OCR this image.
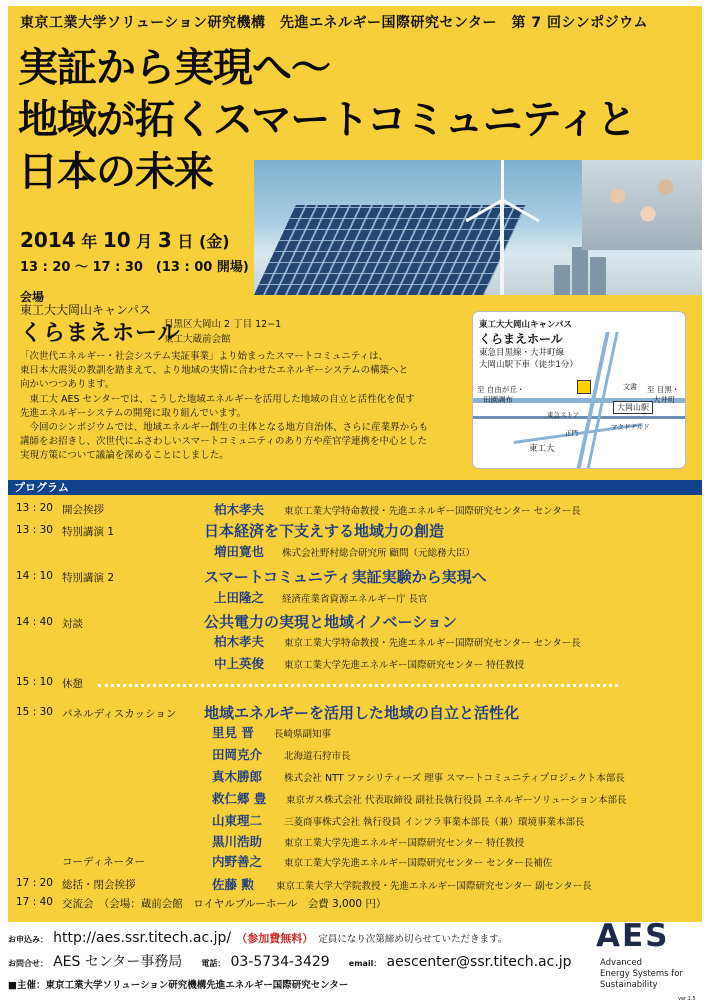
東京工業大学ソリューション研究機構　先進エネルギー国際研究センター　第 7 回シンポジウム
実証から実現へ〜
地域が拓くスマートコミュニティと
日本の未来
2014 年 10 月 3 日 (金)
13 : 20 〜 17 : 30　(13 : 00 開場)
会場
東工大大岡山キャンパス
くらまえホール
目黒区大岡山 2 丁目 12−1
東工大蔵前会館

「次世代エネルギー・社会システム実証事業」より始まったスマートコミュニティは、

東日本大震災の教訓を踏まえて、より地域の実情に合わせたエネルギーシステムの構築へと

向かいつつあります。

　東工大 AES センターでは、こうした地域エネルギーを活用した地域の自立と活性化を促す

先進エネルギーシステムの開発に取り組んでいます。

　今回のシンポジウムでは、地域エネルギー創生の主体となる地方自治体、さらに産業界からも

講師をお招きし、次世代にふさわしいスマートコミュニティのあり方や産官学連携を中心とした

実現方策について議論を深めることにしました。

東工大大岡山キャンパス
くらまえホール
東急目黒線・大井町線
大岡山駅下車（徒歩1分）
至 自由が丘・
田園調布
至 目黒・
大井町
大岡山駅
文書
東急ストア
マクドナルド
正門
東工大
プログラム
13 : 20 開会挨拶	柏木孝夫 東京工業大学特命教授・先進エネルギー国際研究センター センター長
13 : 30 特別講演 1	日本経済を下支えする地域力の創造
増田寛也 株式会社野村総合研究所 顧問（元総務大臣）
14 : 10 特別講演 2	スマートコミュニティ実証実験から実現へ
上田隆之 経済産業省資源エネルギー庁 長官
14 : 40 対談	公共電力の実現と地域イノベーション
柏木孝夫 東京工業大学特命教授・先進エネルギー国際研究センター センター長
中上英俊 東京工業大学先進エネルギー国際研究センター 特任教授
15 : 10 休憩
15 : 30 パネルディスカッション 地域エネルギーを活用した地域の自立と活性化
里見 晋 長崎県副知事
田岡克介 北海道石狩市長
真木勝郎 株式会社 NTT ファシリティーズ 理事 スマートコミュニティプロジェクト本部長
救仁郷 豊 東京ガス株式会社 代表取締役 副社長執行役員 エネルギーソリューション本部長
山東理二 三菱商事株式会社 執行役員 インフラ事業本部長（兼）環境事業本部長
黒川浩助 東京工業大学先進エネルギー国際研究センター 特任教授
コーディネーター	内野善之 東京工業大学先進エネルギー国際研究センター センター長補佐
17 : 20 総括・閉会挨拶	佐藤 勲 東京工業大学大学院教授・先進エネルギー国際研究センター 副センター長
17 : 40 交流会　（会場：蔵前会館　ロイヤルブルーホール　会費 3,000 円）
お申込み： http://aes.ssr.titech.ac.jp/ （参加費無料） 定員になり次第締め切らせていただきます。
お問合せ： AES センター事務局 電話： 03-5734-3429 email： aescenter@ssr.titech.ac.jp
■主催：東京工業大学ソリューション研究機構先進エネルギー国際研究センター
AES
Advanced
Energy Systems for
Sustainability
ver 1.5
